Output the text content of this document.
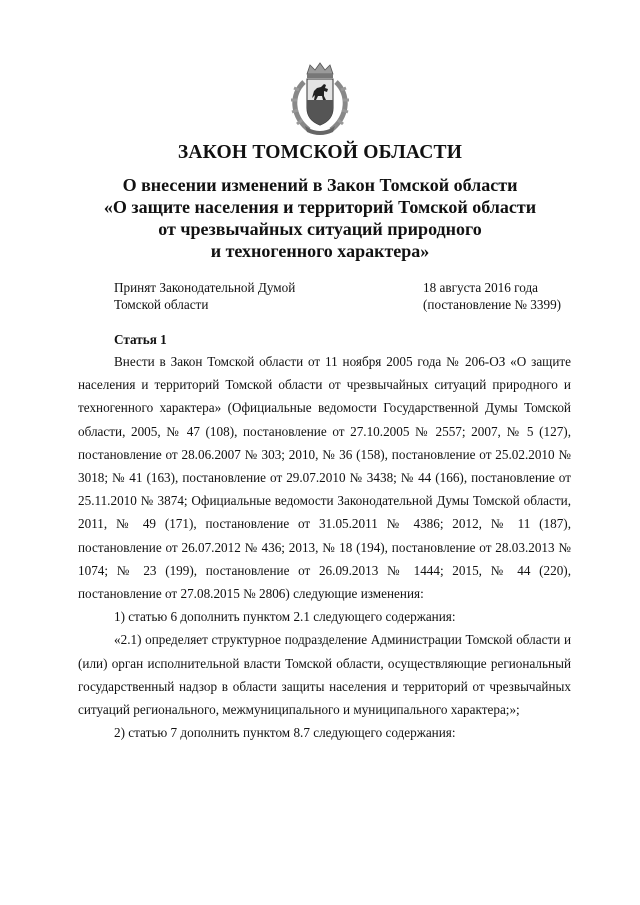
ЗАКОН ТОМСКОЙ ОБЛАСТИ
О внесении изменений в Закон Томской области
«О защите населения и территорий Томской области
от чрезвычайных ситуаций природного
и техногенного характера»
Принят Законодательной Думой
Томской области
18 августа 2016 года
(постановление № 3399)
Статья 1

Внести в Закон Томской области от 11 ноября 2005 года № 206-ОЗ «О защите населения и территорий Томской области от чрезвычайных ситуаций природного и техногенного характера» (Официальные ведомости Государственной Думы Томской области, 2005, № 47 (108), постановление от 27.10.2005 № 2557; 2007, № 5 (127), постановление от 28.06.2007 № 303; 2010, № 36 (158), постановление от 25.02.2010 № 3018; № 41 (163), постановление от 29.07.2010 № 3438; № 44 (166), постановление от 25.11.2010 № 3874; Официальные ведомости Законодательной Думы Томской области, 2011, № 49 (171), постановление от 31.05.2011 № 4386; 2012, № 11 (187), постановление от 26.07.2012 № 436; 2013, № 18 (194), постановление от 28.03.2013 № 1074; № 23 (199), постановление от 26.09.2013 № 1444; 2015, № 44 (220), постановление от 27.08.2015 № 2806) следующие изменения:

1) статью 6 дополнить пунктом 2.1 следующего содержания:

«2.1) определяет структурное подразделение Администрации Томской области и (или) орган исполнительной власти Томской области, осуществляющие региональный государственный надзор в области защиты населения и территорий от чрезвычайных ситуаций регионального, межмуниципального и муниципального характера;»;

2) статью 7 дополнить пунктом 8.7 следующего содержания:
